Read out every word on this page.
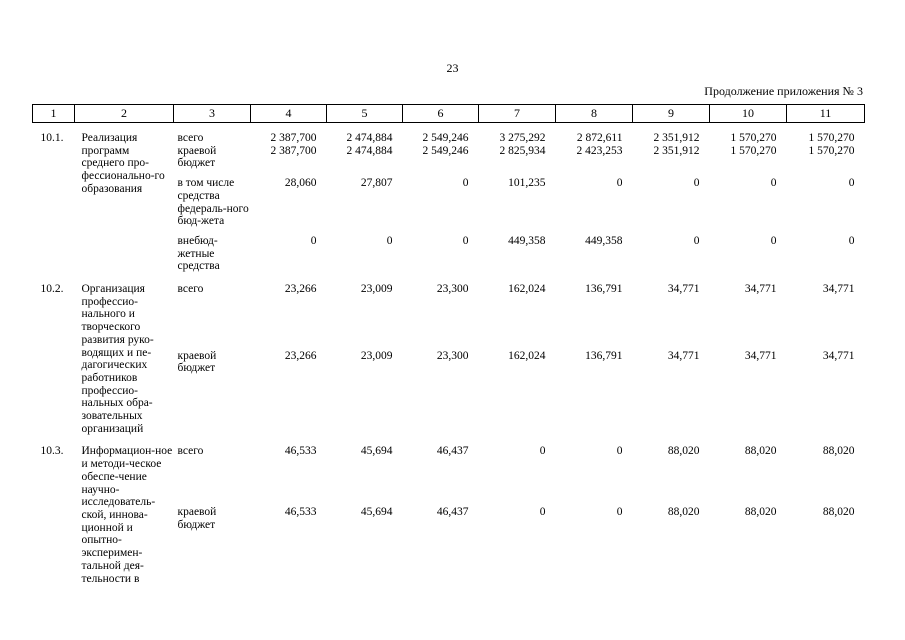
23
Продолжение приложения № 3
1	2	3	4	5	6	7	8	9	10	11
10.1.	Реализация программ среднего про-фессионально-го образования	всего	2 387,700	2 474,884	2 549,246	3 275,292	2 872,611	2 351,912	1 570,270	1 570,270
		краевой бюджет	2 387,700	2 474,884	2 549,246	2 825,934	2 423,253	2 351,912	1 570,270	1 570,270
		в том числе средства федераль-ного бюд-жета	28,060	27,807	0	101,235	0	0	0	0
		внебюд-жетные средства	0	0	0	449,358	449,358	0	0	0
10.2.	Организация профессио-нального и творческого развития руко-водящих и пе-дагогических работников профессио-нальных обра-зовательных организаций	всего	23,266	23,009	23,300	162,024	136,791	34,771	34,771	34,771
		краевой бюджет	23,266	23,009	23,300	162,024	136,791	34,771	34,771	34,771
10.3.	Информацион-ное и методи-ческое обеспе-чение научно-исследователь-ской, иннова-ционной и опытно-эксперимен-тальной дея-тельности в	всего	46,533	45,694	46,437	0	0	88,020	88,020	88,020
		краевой бюджет	46,533	45,694	46,437	0	0	88,020	88,020	88,020
